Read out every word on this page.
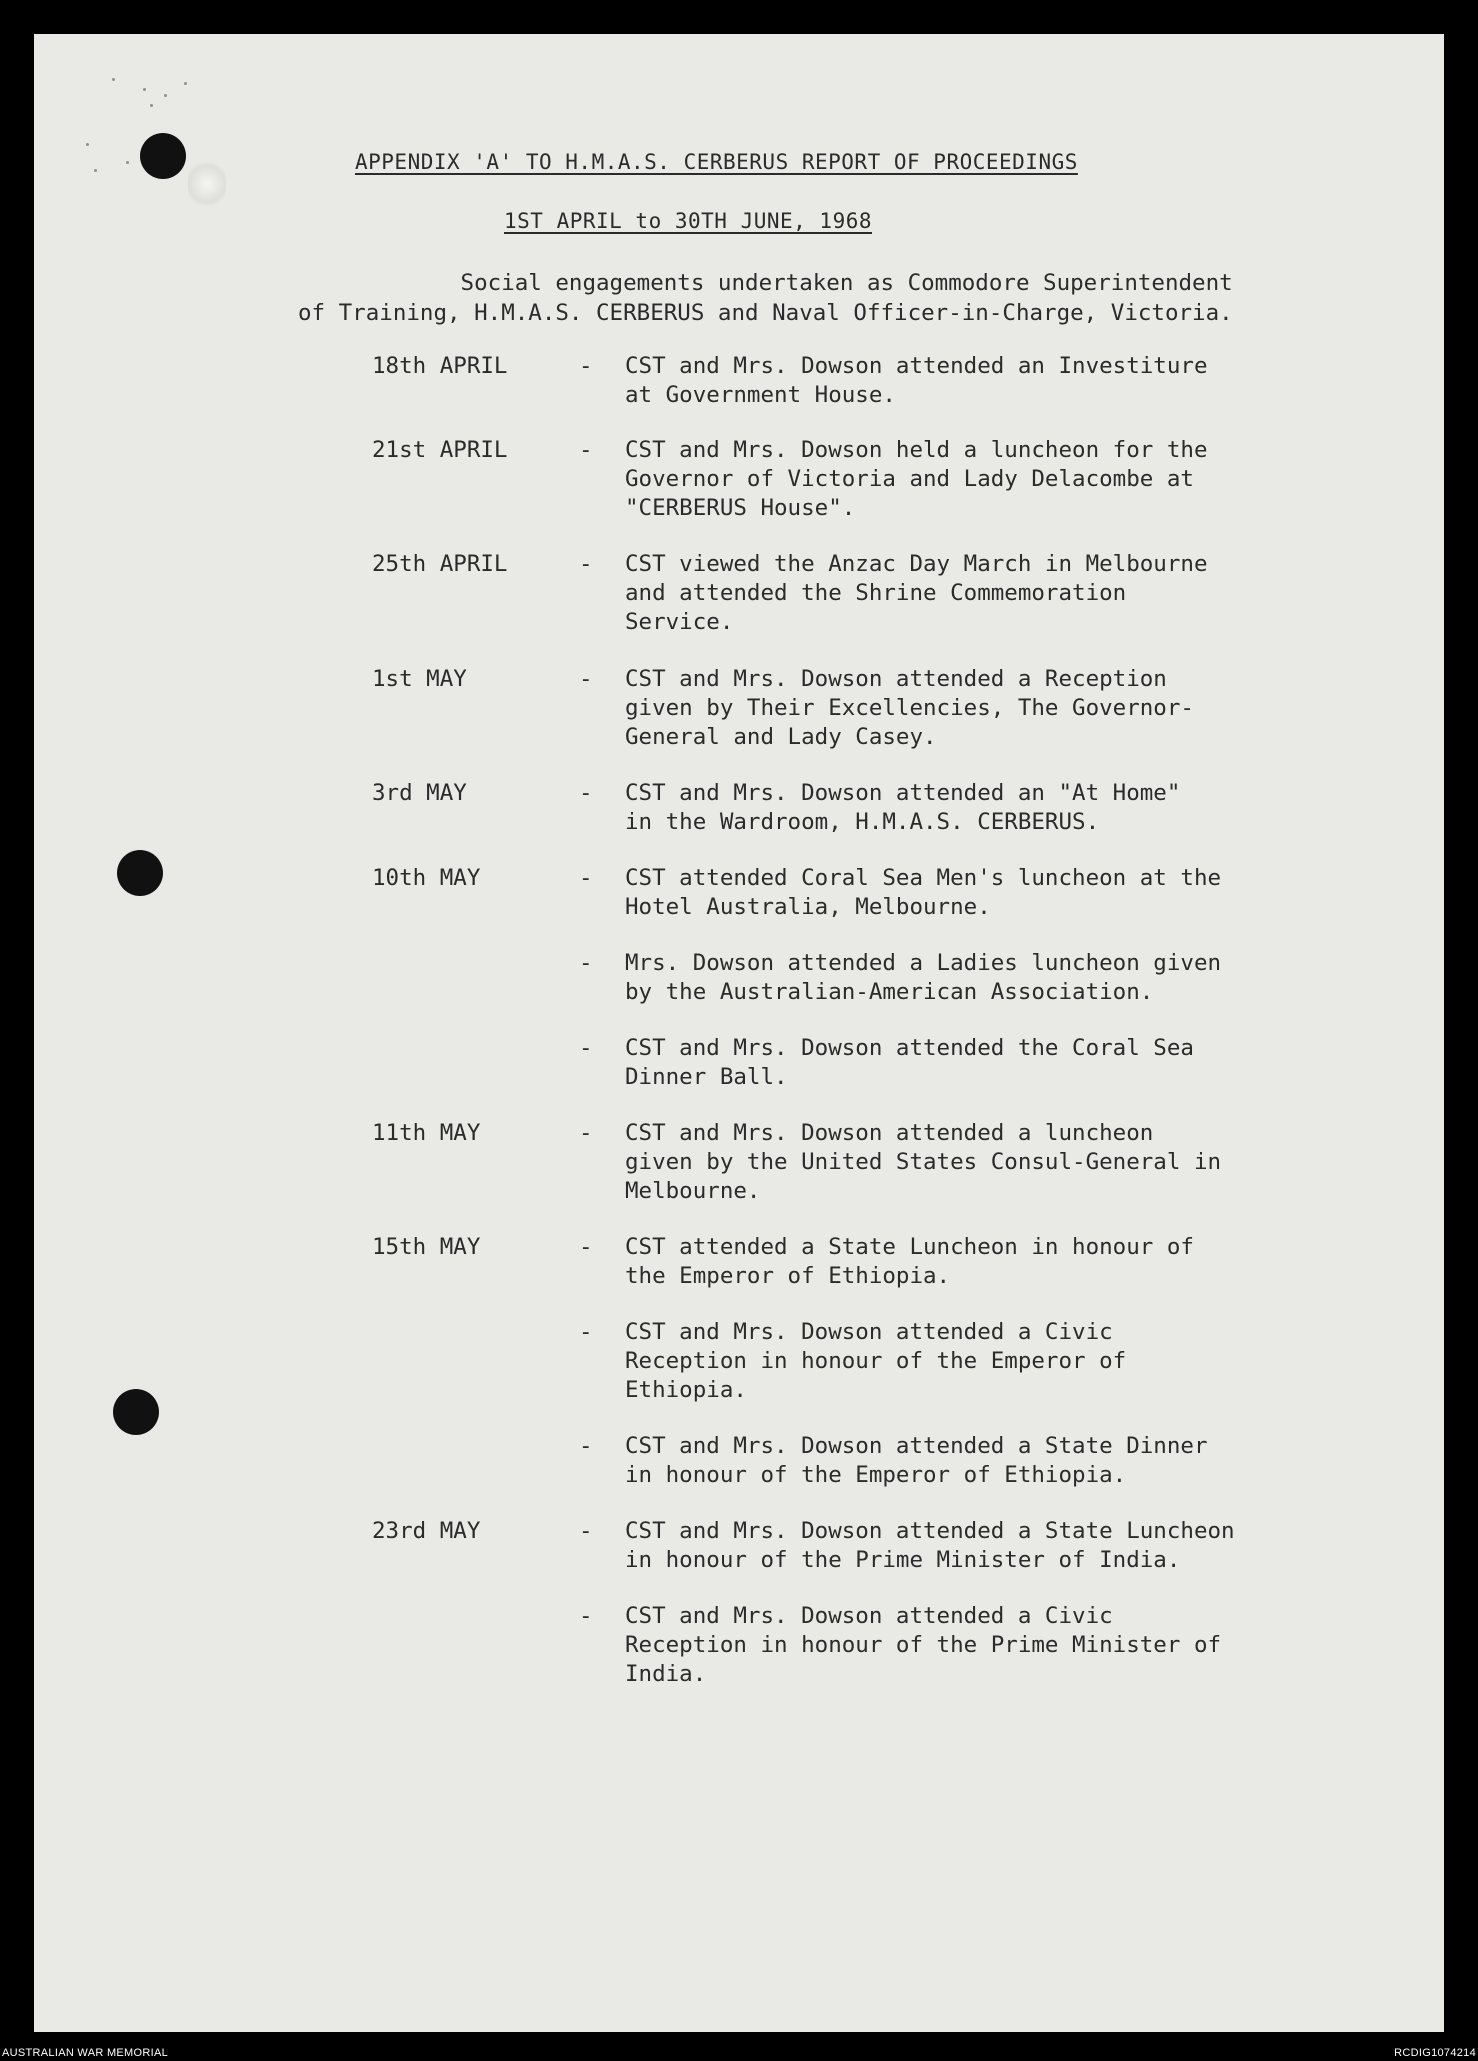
APPENDIX 'A' TO H.M.A.S. CERBERUS REPORT OF PROCEEDINGS
1ST APRIL to 30TH JUNE, 1968
Social engagements undertaken as Commodore Superintendent
of Training, H.M.A.S. CERBERUS and Naval Officer-in-Charge, Victoria.
18th APRIL	- CST and Mrs. Dowson attended an Investiture
at Government House.
21st APRIL	- CST and Mrs. Dowson held a luncheon for the
Governor of Victoria and Lady Delacombe at
"CERBERUS House".
25th APRIL	- CST viewed the Anzac Day March in Melbourne
and attended the Shrine Commemoration
Service.
1st MAY	- CST and Mrs. Dowson attended a Reception
given by Their Excellencies, The Governor-
General and Lady Casey.
3rd MAY	- CST and Mrs. Dowson attended an "At Home"
in the Wardroom, H.M.A.S. CERBERUS.
10th MAY	- CST attended Coral Sea Men's luncheon at the
Hotel Australia, Melbourne.
- Mrs. Dowson attended a Ladies luncheon given
by the Australian-American Association.
- CST and Mrs. Dowson attended the Coral Sea
Dinner Ball.
11th MAY	- CST and Mrs. Dowson attended a luncheon
given by the United States Consul-General in
Melbourne.
15th MAY	- CST attended a State Luncheon in honour of
the Emperor of Ethiopia.
- CST and Mrs. Dowson attended a Civic
Reception in honour of the Emperor of
Ethiopia.
- CST and Mrs. Dowson attended a State Dinner
in honour of the Emperor of Ethiopia.
23rd MAY	- CST and Mrs. Dowson attended a State Luncheon
in honour of the Prime Minister of India.
- CST and Mrs. Dowson attended a Civic
Reception in honour of the Prime Minister of
India.
AUSTRALIAN WAR MEMORIAL	RCDIG1074214
